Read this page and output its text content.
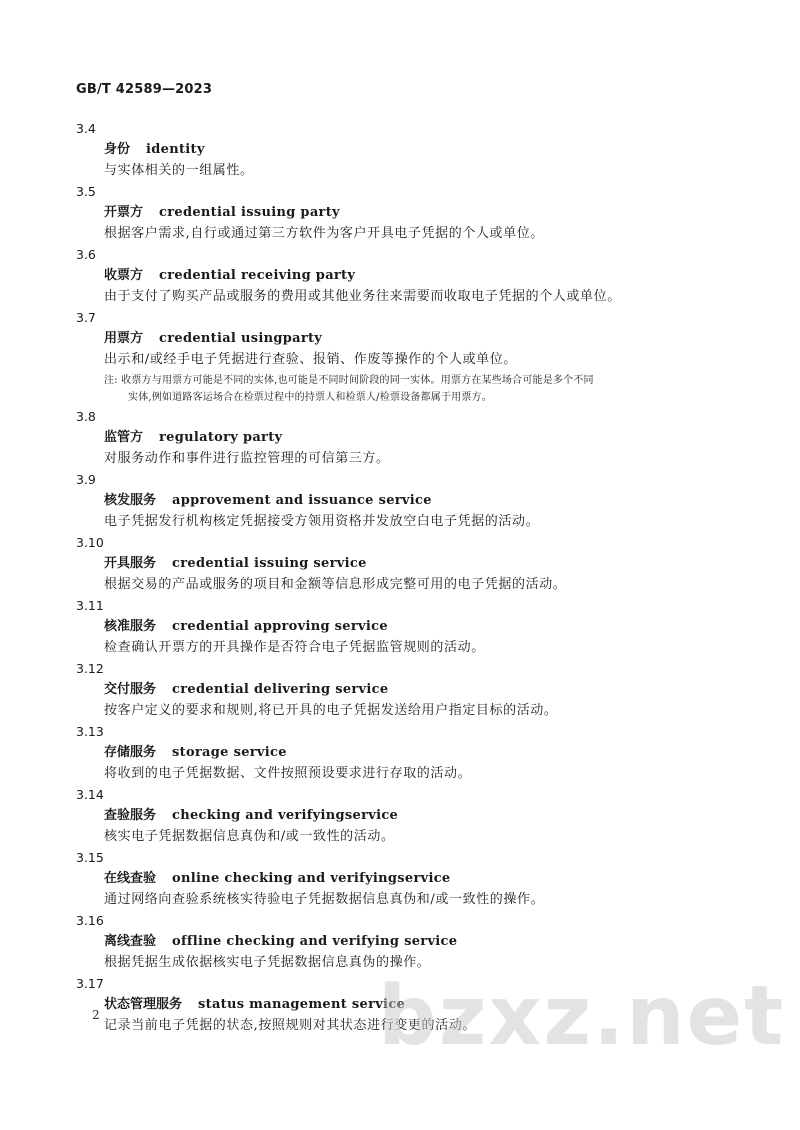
GB/T 42589—2023
3.4
身份 identity
与实体相关的一组属性。
3.5
开票方 credential issuing party
根据客户需求,自行或通过第三方软件为客户开具电子凭据的个人或单位。
3.6
收票方 credential receiving party
由于支付了购买产品或服务的费用或其他业务往来需要而收取电子凭据的个人或单位。
3.7
用票方 credential usingparty
出示和/或经手电子凭据进行查验、报销、作废等操作的个人或单位。
注: 收票方与用票方可能是不同的实体,也可能是不同时间阶段的同一实体。用票方在某些场合可能是多个不同
实体,例如道路客运场合在检票过程中的持票人和检票人/检票设备都属于用票方。
3.8
监管方 regulatory party
对服务动作和事件进行监控管理的可信第三方。
3.9
核发服务 approvement and issuance service
电子凭据发行机构核定凭据接受方领用资格并发放空白电子凭据的活动。
3.10
开具服务 credential issuing service
根据交易的产品或服务的项目和金额等信息形成完整可用的电子凭据的活动。
3.11
核准服务 credential approving service
检查确认开票方的开具操作是否符合电子凭据监管规则的活动。
3.12
交付服务 credential delivering service
按客户定义的要求和规则,将已开具的电子凭据发送给用户指定目标的活动。
3.13
存储服务 storage service
将收到的电子凭据数据、文件按照预设要求进行存取的活动。
3.14
查验服务 checking and verifyingservice
核实电子凭据数据信息真伪和/或一致性的活动。
3.15
在线查验 online checking and verifyingservice
通过网络向查验系统核实待验电子凭据数据信息真伪和/或一致性的操作。
3.16
离线查验 offline checking and verifying service
根据凭据生成依据核实电子凭据数据信息真伪的操作。
3.17
状态管理服务 status management service
记录当前电子凭据的状态,按照规则对其状态进行变更的活动。
2	bzxz.net
